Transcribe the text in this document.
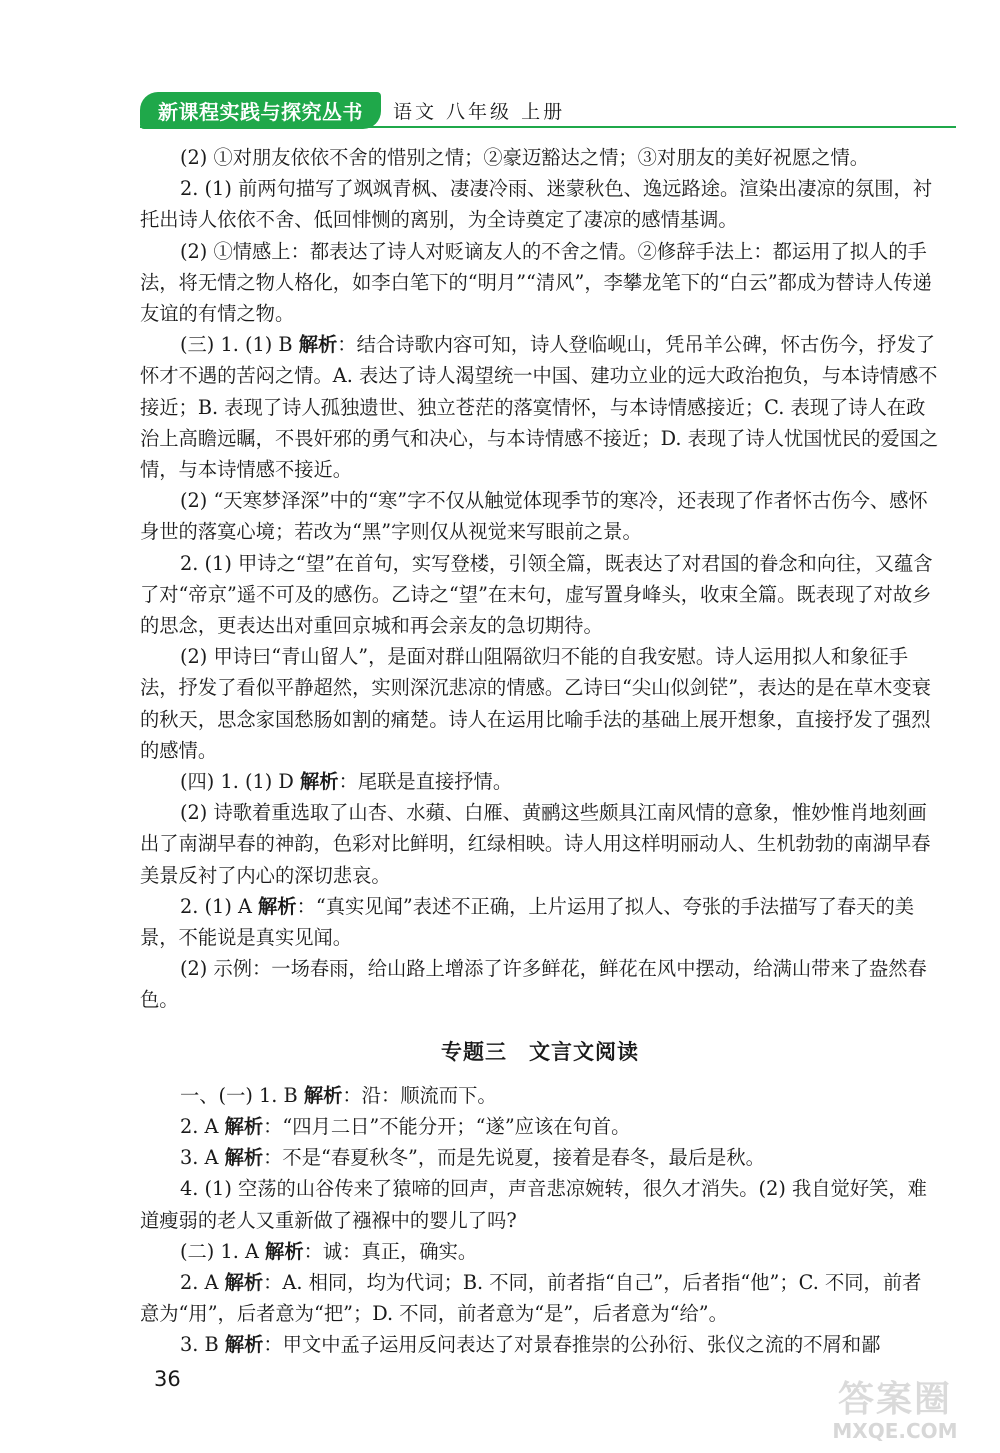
新课程实践与探究丛书	语文 八年级 上册

(2) ①对朋友依依不舍的惜别之情；②豪迈豁达之情；③对朋友的美好祝愿之情。

2. (1) 前两句描写了飒飒青枫、凄凄冷雨、迷蒙秋色、逸远路途。渲染出凄凉的氛围，衬托出诗人依依不舍、低回悱恻的离别，为全诗奠定了凄凉的感情基调。

(2) ①情感上：都表达了诗人对贬谪友人的不舍之情。②修辞手法上：都运用了拟人的手法，将无情之物人格化，如李白笔下的“明月”“清风”，李攀龙笔下的“白云”都成为替诗人传递友谊的有情之物。

(三) 1. (1) B 解析：结合诗歌内容可知，诗人登临岘山，凭吊羊公碑，怀古伤今，抒发了怀才不遇的苦闷之情。A. 表达了诗人渴望统一中国、建功立业的远大政治抱负，与本诗情感不接近；B. 表现了诗人孤独遗世、独立苍茫的落寞情怀，与本诗情感接近；C. 表现了诗人在政治上高瞻远瞩，不畏奸邪的勇气和决心，与本诗情感不接近；D. 表现了诗人忧国忧民的爱国之情，与本诗情感不接近。

(2) “天寒梦泽深”中的“寒”字不仅从触觉体现季节的寒冷，还表现了作者怀古伤今、感怀身世的落寞心境；若改为“黑”字则仅从视觉来写眼前之景。

2. (1) 甲诗之“望”在首句，实写登楼，引领全篇，既表达了对君国的眷念和向往，又蕴含了对“帝京”遥不可及的感伤。乙诗之“望”在末句，虚写置身峰头，收束全篇。既表现了对故乡的思念，更表达出对重回京城和再会亲友的急切期待。

(2) 甲诗曰“青山留人”，是面对群山阻隔欲归不能的自我安慰。诗人运用拟人和象征手法，抒发了看似平静超然，实则深沉悲凉的情感。乙诗曰“尖山似剑铓”，表达的是在草木变衰的秋天，思念家国愁肠如割的痛楚。诗人在运用比喻手法的基础上展开想象，直接抒发了强烈的感情。

(四) 1. (1) D 解析：尾联是直接抒情。

(2) 诗歌着重选取了山杏、水蘋、白雁、黄鹂这些颇具江南风情的意象，惟妙惟肖地刻画出了南湖早春的神韵，色彩对比鲜明，红绿相映。诗人用这样明丽动人、生机勃勃的南湖早春美景反衬了内心的深切悲哀。

2. (1) A 解析：“真实见闻”表述不正确，上片运用了拟人、夸张的手法描写了春天的美景，不能说是真实见闻。

(2) 示例：一场春雨，给山路上增添了许多鲜花，鲜花在风中摆动，给满山带来了盎然春色。

专题三　文言文阅读

一、(一) 1. B 解析：沿：顺流而下。

2. A 解析：“四月二日”不能分开；“遂”应该在句首。

3. A 解析：不是“春夏秋冬”，而是先说夏，接着是春冬，最后是秋。

4. (1) 空荡的山谷传来了猿啼的回声，声音悲凉婉转，很久才消失。(2) 我自觉好笑，难道瘦弱的老人又重新做了襁褓中的婴儿了吗?

(二) 1. A 解析：诚：真正，确实。

2. A 解析：A. 相同，均为代词；B. 不同，前者指“自己”，后者指“他”；C. 不同，前者意为“用”，后者意为“把”；D. 不同，前者意为“是”，后者意为“给”。

3. B 解析：甲文中孟子运用反问表达了对景春推崇的公孙衍、张仪之流的不屑和鄙

36	答案圈
MXQE.COM
